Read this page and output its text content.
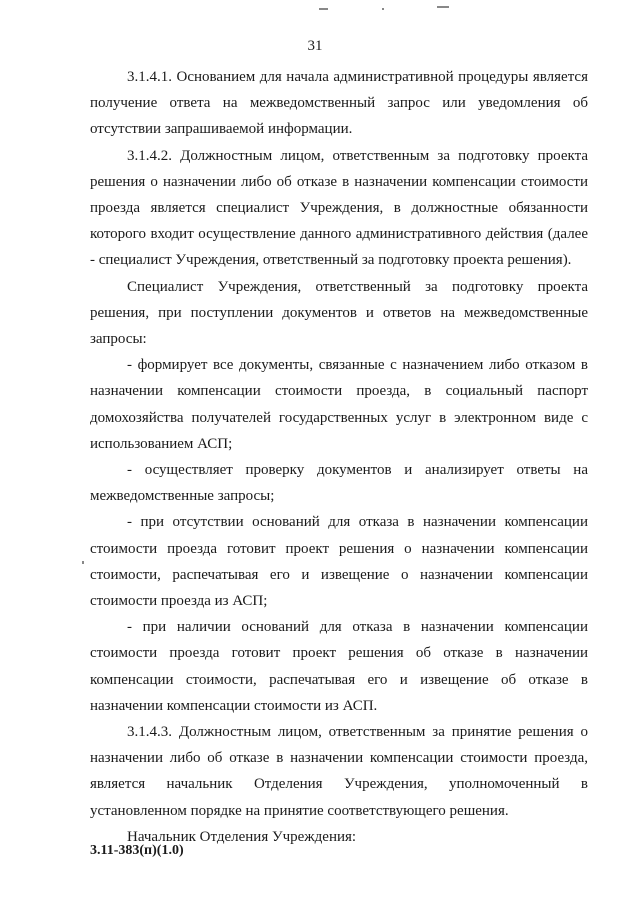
31

3.1.4.1. Основанием для начала административной процедуры является получение ответа на межведомственный запрос или уведомления об отсутствии запрашиваемой информации.

3.1.4.2. Должностным лицом, ответственным за подготовку проекта решения о назначении либо об отказе в назначении компенсации стоимости проезда является специалист Учреждения, в должностные обязанности которого входит осуществление данного административного действия (далее - специалист Учреждения, ответственный за подготовку проекта решения).

Специалист Учреждения, ответственный за подготовку проекта решения, при поступлении документов и ответов на межведомственные запросы:

- формирует все документы, связанные с назначением либо отказом в назначении компенсации стоимости проезда, в социальный паспорт домохозяйства получателей государственных услуг в электронном виде с использованием АСП;

- осуществляет проверку документов и анализирует ответы на межведомственные запросы;

- при отсутствии оснований для отказа в назначении компенсации стоимости проезда готовит проект решения о назначении компенсации стоимости, распечатывая его и извещение о назначении компенсации стоимости проезда из АСП;

- при наличии оснований для отказа в назначении компенсации стоимости проезда готовит проект решения об отказе в назначении компенсации стоимости, распечатывая его и извещение об отказе в назначении компенсации стоимости из АСП.

3.1.4.3. Должностным лицом, ответственным за принятие решения о назначении либо об отказе в назначении компенсации стоимости проезда, является начальник Отделения Учреждения, уполномоченный в установленном порядке на принятие соответствующего решения.

Начальник Отделения Учреждения:

3.11-383(п)(1.0)
